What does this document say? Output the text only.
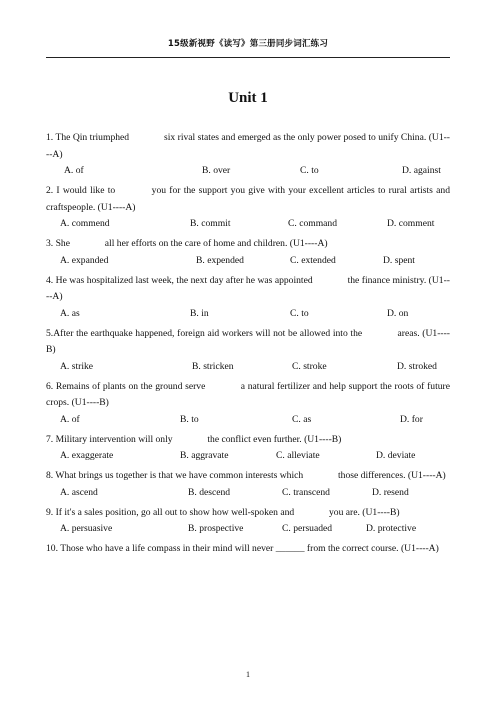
15级新视野《读写》第三册同步词汇练习
Unit 1
1. The Qin triumphed	six rival states and emerged as the only power posed to unify China. (U1----A)
A. of	B. over	C. to	D. against
2. I would like to	you for the support you give with your excellent articles to rural artists and craftspeople. (U1----A)
A. commend	B. commit	C. command	D. comment
3. She	all her efforts on the care of home and children. (U1----A)
A. expanded	B. expended	C. extended	D. spent
4. He was hospitalized last week, the next day after he was appointed	the finance ministry. (U1----A)
A. as	B. in	C. to	D. on
5.After the earthquake happened, foreign aid workers will not be allowed into the	areas. (U1----B)
A. strike	B. stricken	C. stroke	D. stroked
6. Remains of plants on the ground serve	a natural fertilizer and help support the roots of future crops. (U1----B)
A. of	B. to	C. as	D. for
7. Military intervention will only	the conflict even further. (U1----B)
A. exaggerate	B. aggravate	C. alleviate	D. deviate
8. What brings us together is that we have common interests which	those differences. (U1----A)
A. ascend	B. descend	C. transcend	D. resend
9. If it's a sales position, go all out to show how well-spoken and	you are. (U1----B)
A. persuasive	B. prospective	C. persuaded	D. protective
10. Those who have a life compass in their mind will never ______ from the correct course. (U1----A)
1
